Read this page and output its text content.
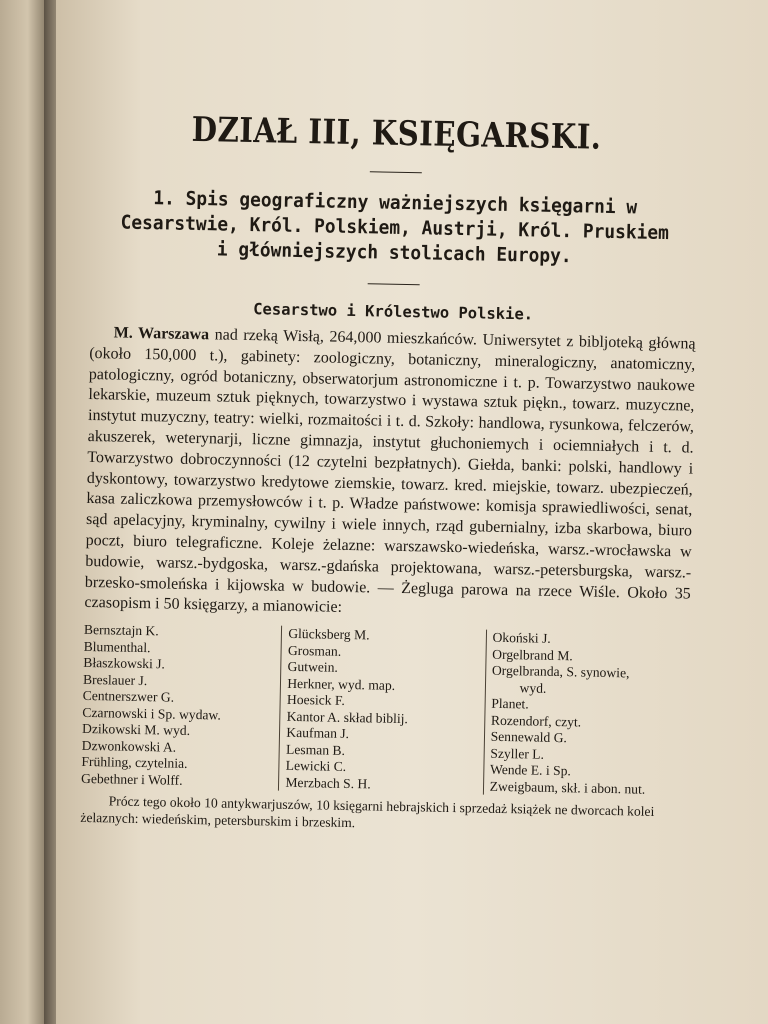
DZIAŁ III, KSIĘGARSKI.

1. Spis geograficzny ważniejszych księgarni w Cesarstwie, Król. Polskiem, Austrji, Król. Pruskiem i główniejszych stolicach Europy.

Cesarstwo i Królestwo Polskie.

M. Warszawa nad rzeką Wisłą, 264,000 mieszkańców. Uniwersytet z bibljoteką główną (około 150,000 t.), gabinety: zoologiczny, botaniczny, mineralogiczny, anatomiczny, patologiczny, ogród botaniczny, obserwatorjum astronomiczne i t. p. Towarzystwo naukowe lekarskie, muzeum sztuk pięknych, towarzystwo i wystawa sztuk piękn., towarz. muzyczne, instytut muzyczny, teatry: wielki, rozmaitości i t. d. Szkoły: handlowa, rysunkowa, felczerów, akuszerek, weterynarji, liczne gimnazja, instytut głuchoniemych i ociemniałych i t. d. Towarzystwo dobroczynności (12 czytelni bezpłatnych). Giełda, banki: polski, handlowy i dyskontowy, towarzystwo kredytowe ziemskie, towarz. kred. miejskie, towarz. ubezpieczeń, kasa zaliczkowa przemysłowców i t. p. Władze państwowe: komisja sprawiedliwości, senat, sąd apelacyjny, kryminalny, cywilny i wiele innych, rząd gubernialny, izba skarbowa, biuro poczt, biuro telegraficzne. Koleje żelazne: warszawsko-wiedeńska, warsz.-wrocławska w budowie, warsz.-bydgoska, warsz.-gdańska projektowana, warsz.-petersburgska, warsz.-brzesko-smoleńska i kijowska w budowie. — Żegluga parowa na rzece Wiśle. Około 35 czasopism i 50 księgarzy, a mianowicie:

Bernsztajn K.
Blumenthal.
Błaszkowski J.
Breslauer J.
Centnerszwer G.
Czarnowski i Sp. wydaw.
Dzikowski M. wyd.
Dzwonkowski A.
Frühling, czytelnia.
Gebethner i Wolff.
Glücksberg M.
Grosman.
Gutwein.
Herkner, wyd. map.
Hoesick F.
Kantor A. skład biblij.
Kaufman J.
Lesman B.
Lewicki C.
Merzbach S. H.
Okoński J.
Orgelbrand M.
Orgelbranda, S. synowie,
wyd.
Planet.
Rozendorf, czyt.
Sennewald G.
Szyller L.
Wende E. i Sp.
Zweigbaum, skł. i abon. nut.

Prócz tego około 10 antykwarjuszów, 10 księgarni hebrajskich i sprzedaż książek ne dworcach kolei żelaznych: wiedeńskim, petersburskim i brzeskim.
